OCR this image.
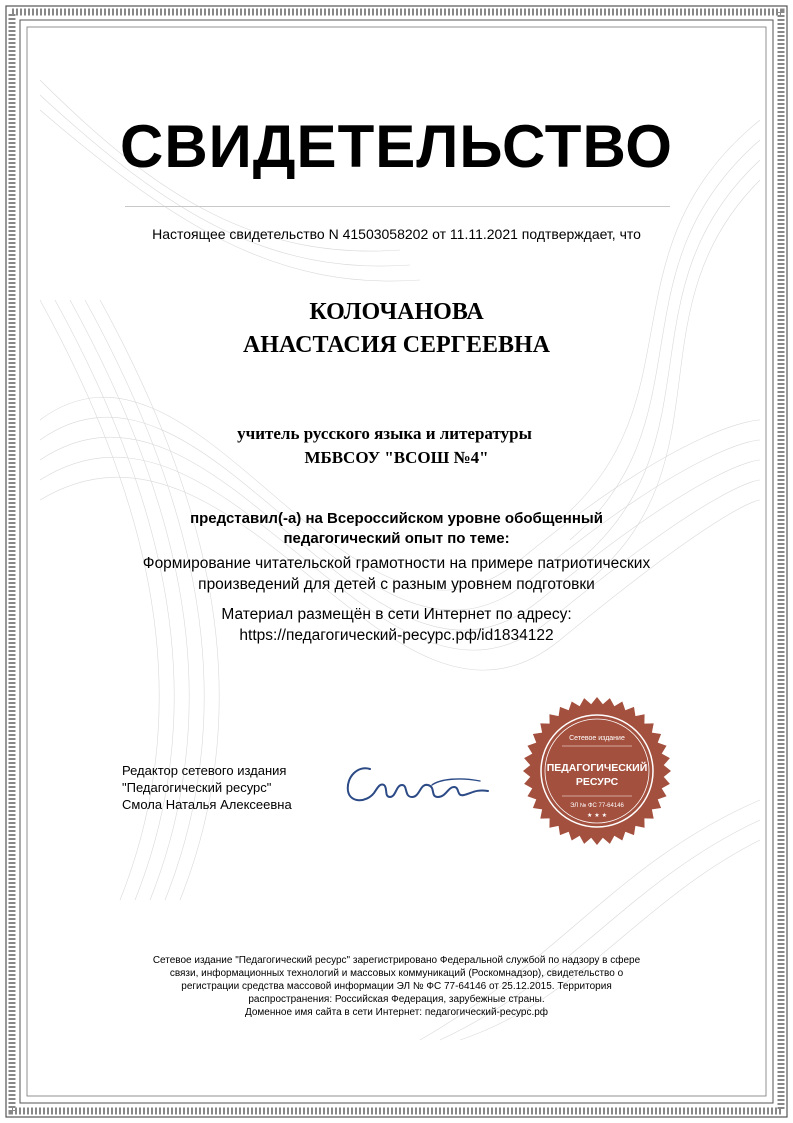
СВИДЕТЕЛЬСТВО
Настоящее свидетельство N 41503058202 от 11.11.2021 подтверждает, что
КОЛОЧАНОВА
АНАСТАСИЯ СЕРГЕЕВНА
учитель русского языка и литературы
МБВСОУ "ВСОШ №4"
представил(-а) на Всероссийском уровне обобщенный
педагогический опыт по теме:
Формирование читательской грамотности на примере патриотических
произведений для детей с разным уровнем подготовки
Материал размещён в сети Интернет по адресу:
https://педагогический-ресурс.рф/id1834122
Редактор сетевого издания
"Педагогический ресурс"
Смола Наталья Алексеевна
Сетевое издание
ПЕДАГОГИЧЕСКИЙ
РЕСУРС
ЭЛ № ФС 77-64146
★ ★ ★
Сетевое издание "Педагогический ресурс" зарегистрировано Федеральной службой по надзору в сфере
связи, информационных технологий и массовых коммуникаций (Роскомнадзор), свидетельство о
регистрации средства массовой информации ЭЛ № ФС 77-64146 от 25.12.2015. Территория
распространения: Российская Федерация, зарубежные страны.
Доменное имя сайта в сети Интернет: педагогический-ресурс.рф
